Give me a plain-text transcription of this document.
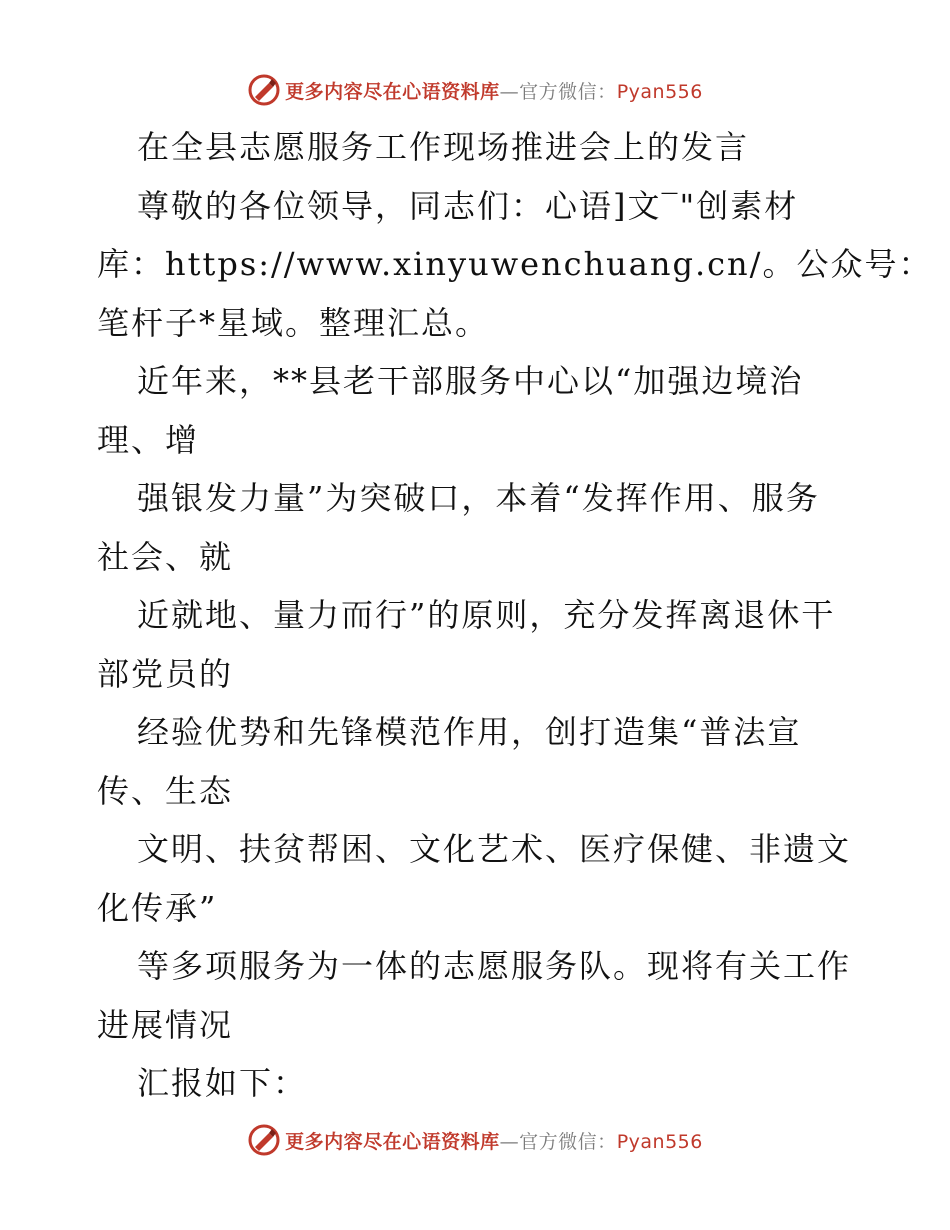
更多内容尽在心语资料库—官方微信：Pyan556
在全县志愿服务工作现场推进会上的发言
尊敬的各位领导，同志们：心语]文‾"创素材
库：https://www.xinyuwenchuang.cn/。公众号：
笔杆子*星域。整理汇总。
近年来，**县老干部服务中心以“加强边境治
理、增
强银发力量”为突破口，本着“发挥作用、服务
社会、就
近就地、量力而行”的原则，充分发挥离退休干
部党员的
经验优势和先锋模范作用，创打造集“普法宣
传、生态
文明、扶贫帮困、文化艺术、医疗保健、非遗文
化传承”
等多项服务为一体的志愿服务队。现将有关工作
进展情况
汇报如下：
更多内容尽在心语资料库—官方微信：Pyan556
